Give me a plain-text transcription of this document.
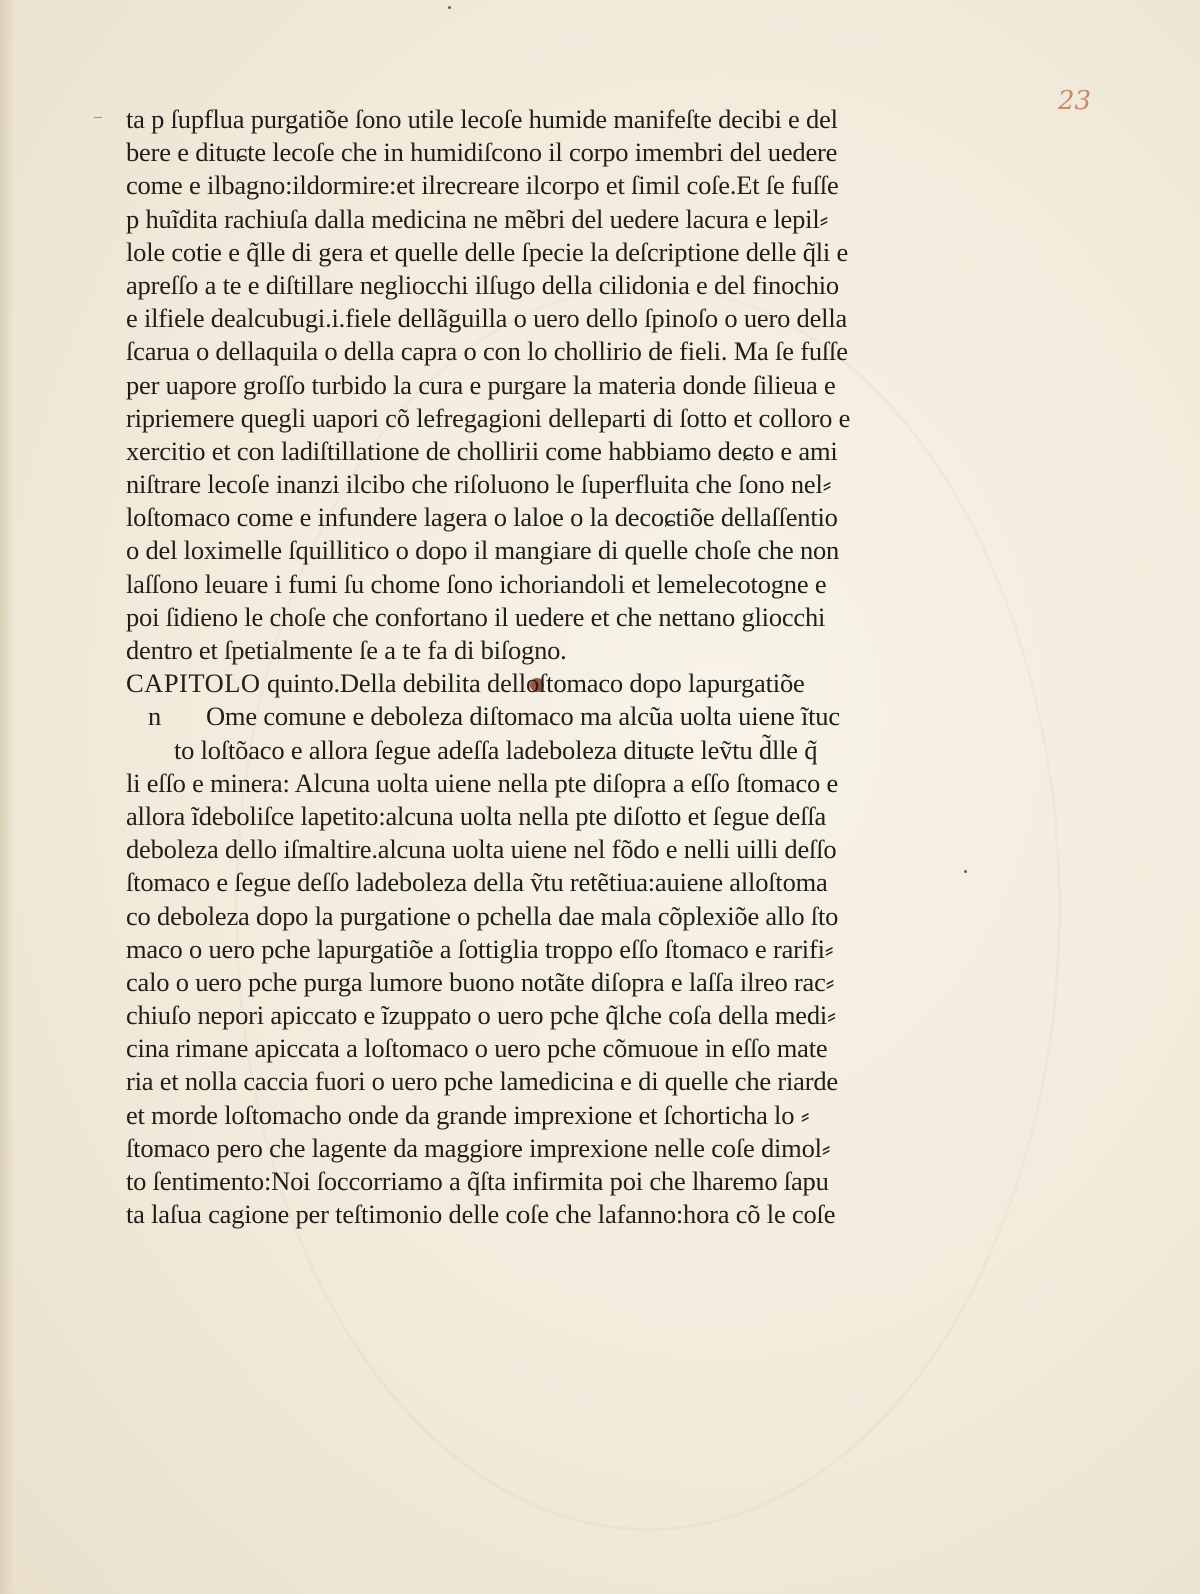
23
ta p ſupflua purgatiõe ſono utile lecoſe humide manifeſte decibi e del
bere e dituɕte lecoſe che in humidiſcono il corpo imembri del uedere
come e ilbagno:ildormire:et ilrecreare ilcorpo et ſimil coſe.Et ſe fuſſe
p huĩdita rachiuſa dalla medicina ne mẽbri del uedere lacura e lepil⸗
lole cotie e q̃lle di gera et quelle delle ſpecie la deſcriptione delle q̃li e
apreſſo a te e diſtillare negliocchi ilſugo della cilidonia e del finochio
e ilfiele dealcubugi.i.fiele dellãguilla o uero dello ſpinoſo o uero della
ſcarua o dellaquila o della capra o con lo chollirio de fieli. Ma ſe fuſſe
per uapore groſſo turbido la cura e purgare la materia donde ſilieua e
ripriemere quegli uapori cõ lefregagioni delleparti di ſotto et colloro e
xercitio et con ladiſtillatione de chollirii come habbiamo deɕto e ami
niſtrare lecoſe inanzi ilcibo che riſoluono le ſuperfluita che ſono nel⸗
loſtomaco come e infundere lagera o laloe o la decoɕtiõe dellaſſentio
o del loximelle ſquillitico o dopo il mangiare di quelle choſe che non
laſſono leuare i fumi ſu chome ſono ichoriandoli et lemelecotogne e
poi ſidieno le choſe che confortano il uedere et che nettano gliocchi
dentro et ſpetialmente ſe a te fa di biſogno.
CAPITOLO quinto.Della debilita delloſtomaco dopo lapurgatiõe
n Ome comune e deboleza diſtomaco ma alcũa uolta uiene ĩtuc
to loſtõaco e allora ſegue adeſſa ladeboleza dituɕte leṽtu d̃lle q̃
li eſſo e minera: Alcuna uolta uiene nella pte diſopra a eſſo ſtomaco e
allora ĩdeboliſce lapetito:alcuna uolta nella pte diſotto et ſegue deſſa
deboleza dello iſmaltire.alcuna uolta uiene nel fõdo e nelli uilli deſſo
ſtomaco e ſegue deſſo ladeboleza della ṽtu retẽtiua:auiene alloſtoma
co deboleza dopo la purgatione o pchella dae mala cõplexiõe allo ſto
maco o uero pche lapurgatiõe a ſottiglia troppo eſſo ſtomaco e rarifi⸗
calo o uero pche purga lumore buono notãte diſopra e laſſa ilreo rac⸗
chiuſo nepori apiccato e ĩzuppato o uero pche q̃lche coſa della medi⸗
cina rimane apiccata a loſtomaco o uero pche cõmuoue in eſſo mate
ria et nolla caccia fuori o uero pche lamedicina e di quelle che riarde
et morde loſtomacho onde da grande imprexione et ſchorticha lo ⸗
ſtomaco pero che lagente da maggiore imprexione nelle coſe dimol⸗
to ſentimento:Noi ſoccorriamo a q̃ſta infirmita poi che lharemo ſapu
ta laſua cagione per teſtimonio delle coſe che lafanno:hora cõ le coſe
